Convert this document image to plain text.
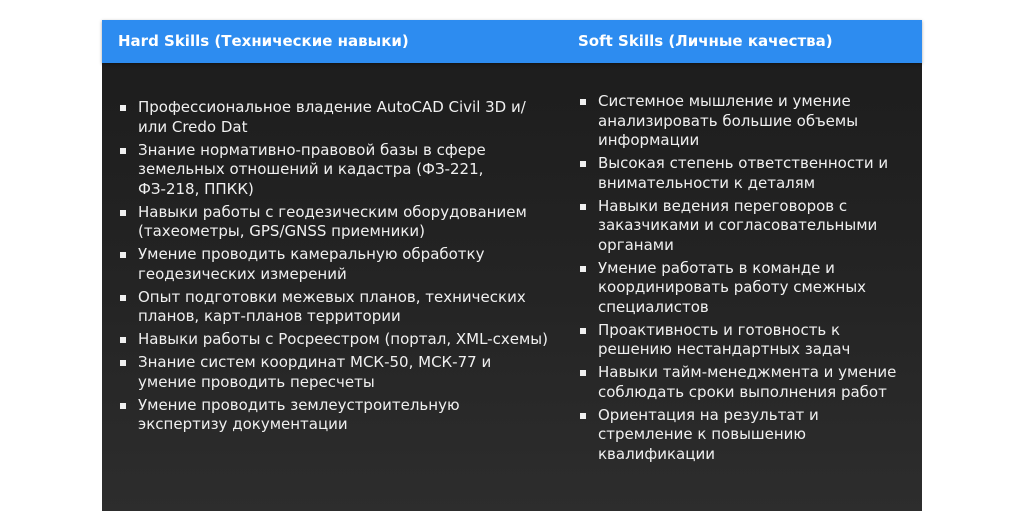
Hard Skills (Технические навыки)	Soft Skills (Личные качества)
Профессиональное владение AutoCAD Civil 3D и/или Credo Dat
Знание нормативно-правовой базы в сфере земельных отношений и кадастра (ФЗ-221, ФЗ-218, ППКК)
Навыки работы с геодезическим оборудованием (тахеометры, GPS/GNSS приемники)
Умение проводить камеральную обработку геодезических измерений
Опыт подготовки межевых планов, технических планов, карт-планов территории
Навыки работы с Росреестром (портал, XML-схемы)
Знание систем координат МСК-50, МСК-77 и умение проводить пересчеты
Умение проводить землеустроительную экспертизу документации
Системное мышление и умение анализировать большие объемы информации
Высокая степень ответственности и внимательности к деталям
Навыки ведения переговоров с заказчиками и согласовательными органами
Умение работать в команде и координировать работу смежных специалистов
Проактивность и готовность к решению нестандартных задач
Навыки тайм-менеджмента и умение соблюдать сроки выполнения работ
Ориентация на результат и стремление к повышению квалификации
